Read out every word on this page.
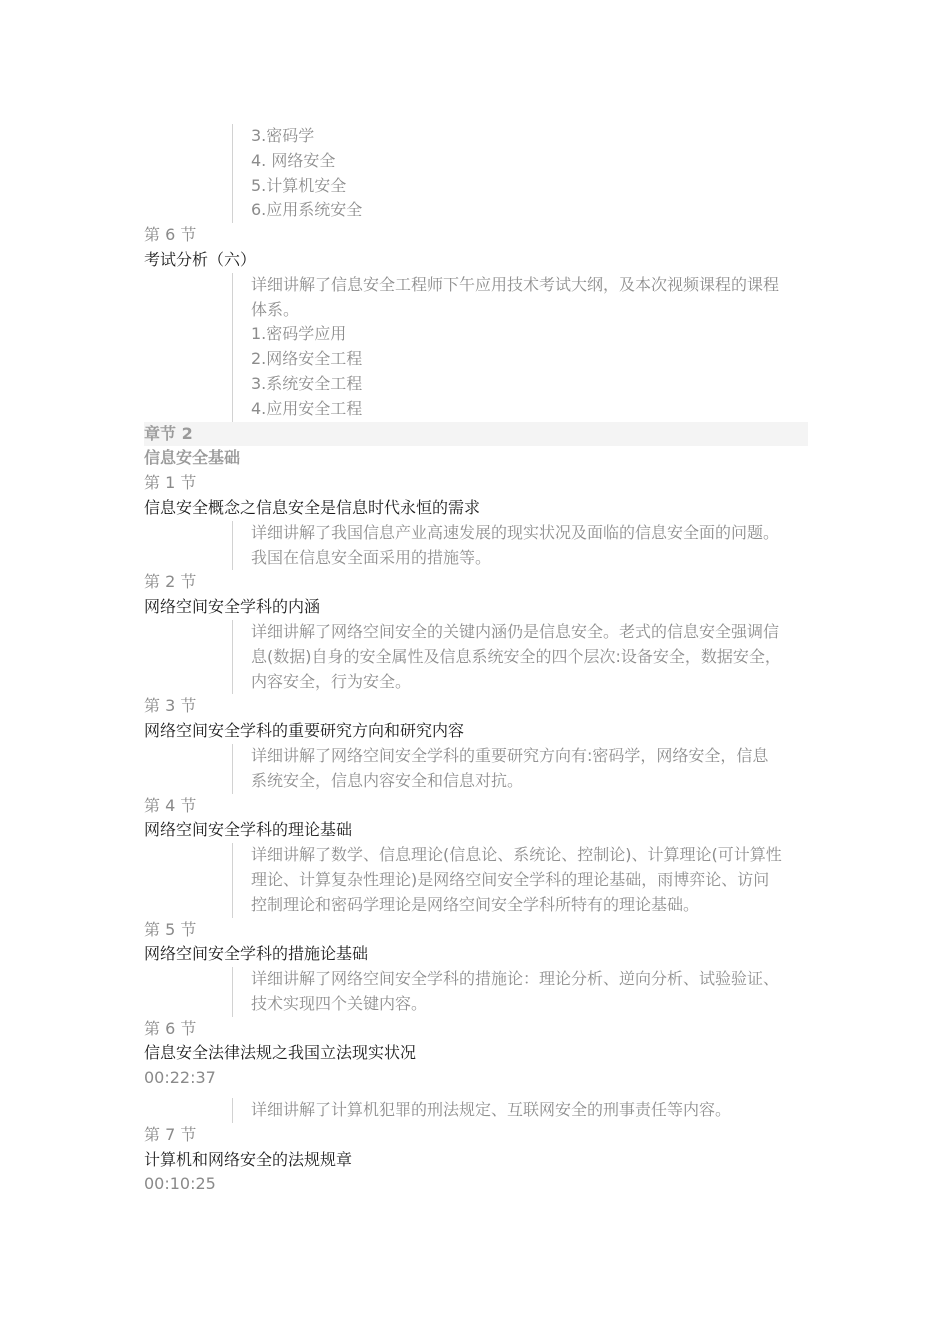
3.密码学
4. 网络安全
5.计算机安全
6.应用系统安全
第 6 节
考试分析（六）
详细讲解了信息安全工程师下午应用技术考试大纲，及本次视频课程的课程
体系。
1.密码学应用
2.网络安全工程
3.系统安全工程
4.应用安全工程
章节 2
信息安全基础
第 1 节
信息安全概念之信息安全是信息时代永恒的需求
详细讲解了我国信息产业高速发展的现实状况及面临的信息安全面的问题。
我国在信息安全面采用的措施等。
第 2 节
网络空间安全学科的内涵
详细讲解了网络空间安全的关键内涵仍是信息安全。老式的信息安全强调信
息(数据)自身的安全属性及信息系统安全的四个层次:设备安全，数据安全，
内容安全，行为安全。
第 3 节
网络空间安全学科的重要研究方向和研究内容
详细讲解了网络空间安全学科的重要研究方向有:密码学，网络安全，信息
系统安全，信息内容安全和信息对抗。
第 4 节
网络空间安全学科的理论基础
详细讲解了数学、信息理论(信息论、系统论、控制论)、计算理论(可计算性
理论、计算复杂性理论)是网络空间安全学科的理论基础，雨博弈论、访问
控制理论和密码学理论是网络空间安全学科所特有的理论基础。
第 5 节
网络空间安全学科的措施论基础
详细讲解了网络空间安全学科的措施论：理论分析、逆向分析、试验验证、
技术实现四个关键内容。
第 6 节
信息安全法律法规之我国立法现实状况
00:22:37
详细讲解了计算机犯罪的刑法规定、互联网安全的刑事责任等内容。
第 7 节
计算机和网络安全的法规规章
00:10:25
